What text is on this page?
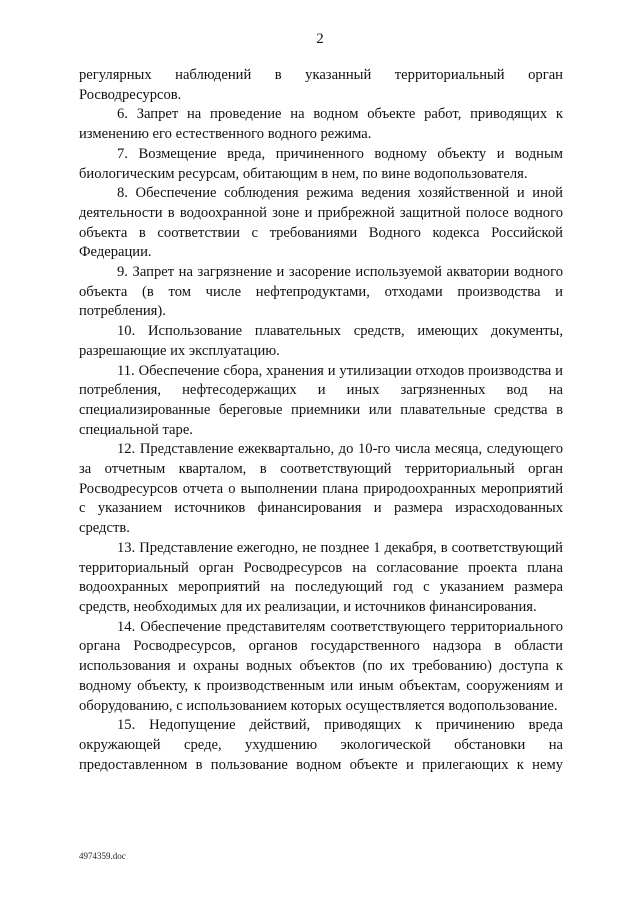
2

регулярных наблюдений в указанный территориальный орган Росводресурсов.

6. Запрет на проведение на водном объекте работ, приводящих к изменению его естественного водного режима.

7. Возмещение вреда, причиненного водному объекту и водным биологическим ресурсам, обитающим в нем, по вине водопользователя.

8. Обеспечение соблюдения режима ведения хозяйственной и иной деятельности в водоохранной зоне и прибрежной защитной полосе водного объекта в соответствии с требованиями Водного кодекса Российской Федерации.

9. Запрет на загрязнение и засорение используемой акватории водного объекта (в том числе нефтепродуктами, отходами производства и потребления).

10. Использование плавательных средств, имеющих документы, разрешающие их эксплуатацию.

11. Обеспечение сбора, хранения и утилизации отходов производства и потребления, нефтесодержащих и иных загрязненных вод на специализированные береговые приемники или плавательные средства в специальной таре.

12. Представление ежеквартально, до 10-го числа месяца, следующего за отчетным кварталом, в соответствующий территориальный орган Росводресурсов отчета о выполнении плана природоохранных мероприятий с указанием источников финансирования и размера израсходованных средств.

13. Представление ежегодно, не позднее 1 декабря, в соответствующий территориальный орган Росводресурсов на согласование проекта плана водоохранных мероприятий на последующий год с указанием размера средств, необходимых для их реализации, и источников финансирования.

14. Обеспечение представителям соответствующего территориального органа Росводресурсов, органов государственного надзора в области использования и охраны водных объектов (по их требованию) доступа к водному объекту, к производственным или иным объектам, сооружениям и оборудованию, с использованием которых осуществляется водопользование.

15. Недопущение действий, приводящих к причинению вреда окружающей среде, ухудшению экологической обстановки на предоставленном в пользование водном объекте и прилегающих к нему

4974359.doc
